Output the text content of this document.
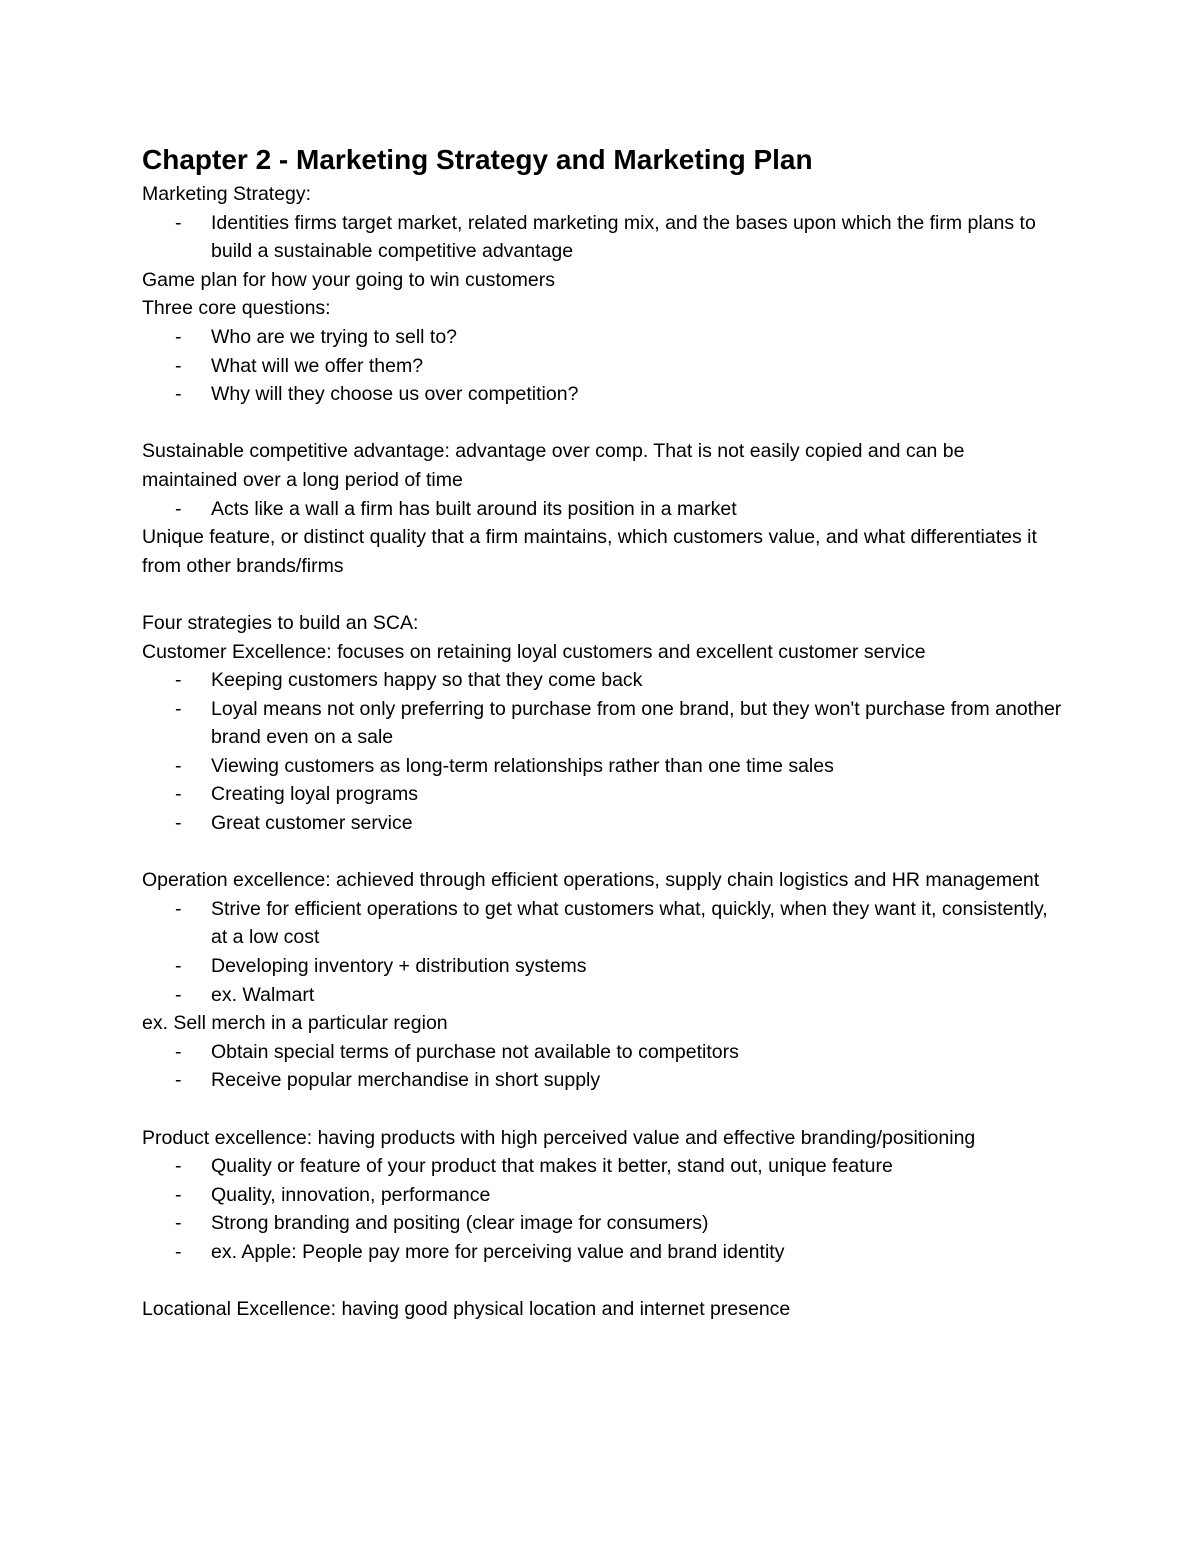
Chapter 2 - Marketing Strategy and Marketing Plan
Marketing Strategy:
- Identities firms target market, related marketing mix, and the bases upon which the firm plans to build a sustainable competitive advantage
Game plan for how your going to win customers
Three core questions:
- Who are we trying to sell to?
- What will we offer them?
- Why will they choose us over competition?
Sustainable competitive advantage: advantage over comp. That is not easily copied and can be maintained over a long period of time
- Acts like a wall a firm has built around its position in a market
Unique feature, or distinct quality that a firm maintains, which customers value, and what differentiates it from other brands/firms
Four strategies to build an SCA:
Customer Excellence: focuses on retaining loyal customers and excellent customer service
- Keeping customers happy so that they come back
- Loyal means not only preferring to purchase from one brand, but they won't purchase from another brand even on a sale
- Viewing customers as long-term relationships rather than one time sales
- Creating loyal programs
- Great customer service
Operation excellence: achieved through efficient operations, supply chain logistics and HR management
- Strive for efficient operations to get what customers what, quickly, when they want it, consistently, at a low cost
- Developing inventory + distribution systems
- ex. Walmart
ex. Sell merch in a particular region
- Obtain special terms of purchase not available to competitors
- Receive popular merchandise in short supply
Product excellence: having products with high perceived value and effective branding/positioning
- Quality or feature of your product that makes it better, stand out, unique feature
- Quality, innovation, performance
- Strong branding and positing (clear image for consumers)
- ex. Apple: People pay more for perceiving value and brand identity
Locational Excellence: having good physical location and internet presence
